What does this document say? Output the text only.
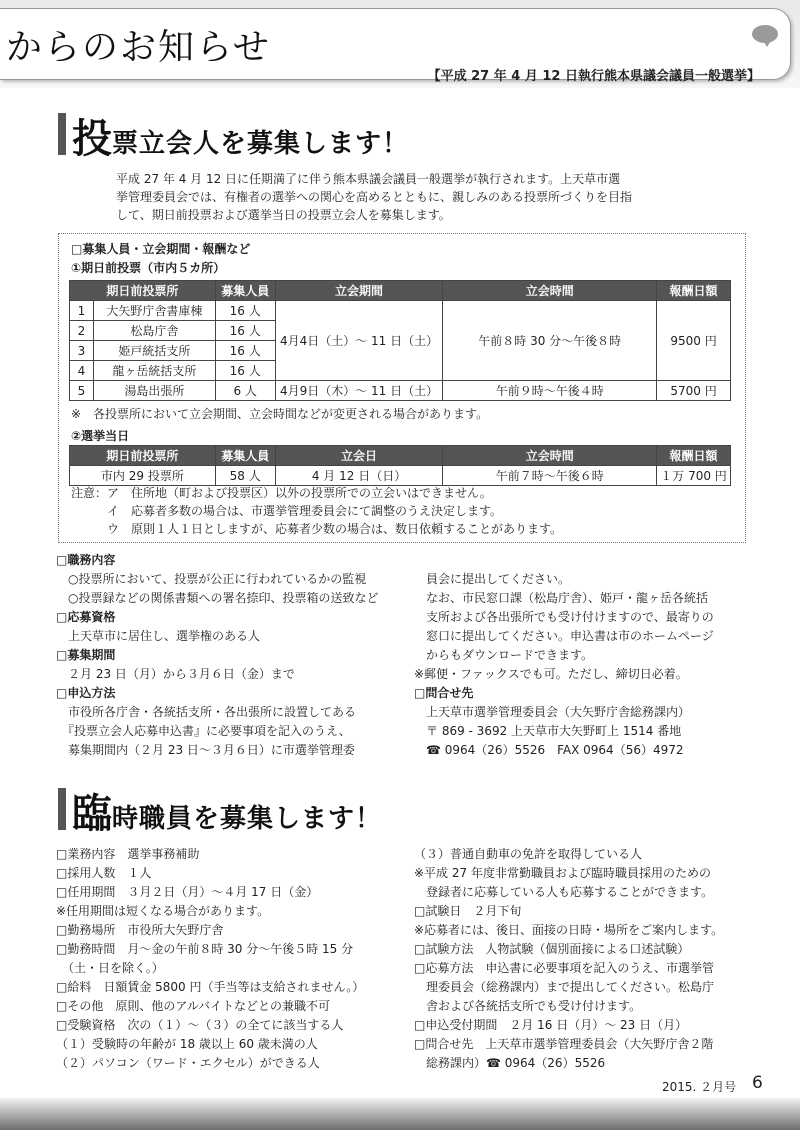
からのお知らせ
【平成 27 年 4 月 12 日執行熊本県議会議員一般選挙】
投票立会人を募集します！
平成 27 年 4 月 12 日に任期満了に伴う熊本県議会議員一般選挙が執行されます。上天草市選
挙管理委員会では、有権者の選挙への関心を高めるとともに、親しみのある投票所づくりを目指
して、期日前投票および選挙当日の投票立会人を募集します。
□募集人員・立会期間・報酬など
①期日前投票（市内５カ所）
期日前投票所		募集人員	立会期間	立会時間	報酬日額
1	大矢野庁舎書庫棟	16 人	4月4日（土）～ 11 日（土）	午前８時 30 分～午後８時	9500 円
2	松島庁舎	16 人			
3	姫戸統括支所	16 人			
4	龍ヶ岳統括支所	16 人			
5	湯島出張所	6 人	4月9日（木）～ 11 日（土）	午前９時～午後４時	5700 円
※　各投票所において立会期間、立会時間などが変更される場合があります。
②選挙当日
期日前投票所	募集人員	立会日	立会時間	報酬日額
市内 29 投票所	58 人	4 月 12 日（日）	午前７時～午後６時	１万 700 円
注意：ア　住所地（町および投票区）以外の投票所での立会いはできません。
　　　イ　応募者多数の場合は、市選挙管理委員会にて調整のうえ決定します。
　　　ウ　原則１人１日としますが、応募者少数の場合は、数日依頼することがあります。
□職務内容
　○投票所において、投票が公正に行われているかの監視
　○投票録などの関係書類への署名捺印、投票箱の送致など
□応募資格
　上天草市に居住し、選挙権のある人
□募集期間
　２月 23 日（月）から３月６日（金）まで
□申込方法
　市役所各庁舎・各統括支所・各出張所に設置してある
　『投票立会人応募申込書』に必要事項を記入のうえ、
　募集期間内（２月 23 日～３月６日）に市選挙管理委
　員会に提出してください。
　なお、市民窓口課（松島庁舎）、姫戸・龍ヶ岳各統括
　支所および各出張所でも受け付けますので、最寄りの
　窓口に提出してください。申込書は市のホームページ
　からもダウンロードできます。
※郵便・ファックスでも可。ただし、締切日必着。
□問合せ先
　上天草市選挙管理委員会（大矢野庁舎総務課内）
　〒 869 - 3692 上天草市大矢野町上 1514 番地
　☎ 0964（26）5526　FAX 0964（56）4972
臨時職員を募集します！
□業務内容　選挙事務補助
□採用人数　１人
□任用期間　３月２日（月）～４月 17 日（金）
※任用期間は短くなる場合があります。
□勤務場所　市役所大矢野庁舎
□勤務時間　月～金の午前８時 30 分～午後５時 15 分
　（土・日を除く。）
□給料　日額賃金 5800 円（手当等は支給されません。）
□その他　原則、他のアルバイトなどとの兼職不可
□受験資格　次の（１）～（３）の全てに該当する人
（１）受験時の年齢が 18 歳以上 60 歳未満の人
（２）パソコン（ワード・エクセル）ができる人
（３）普通自動車の免許を取得している人
※平成 27 年度非常勤職員および臨時職員採用のための
　登録者に応募している人も応募することができます。
□試験日　２月下旬
※応募者には、後日、面接の日時・場所をご案内します。
□試験方法　人物試験（個別面接による口述試験）
□応募方法　申込書に必要事項を記入のうえ、市選挙管
　理委員会（総務課内）まで提出してください。松島庁
　舎および各統括支所でも受け付けます。
□申込受付期間　２月 16 日（月）～ 23 日（月）
□問合せ先　上天草市選挙管理委員会（大矢野庁舎２階
　総務課内）☎ 0964（26）5526
2015. ２月号 6
